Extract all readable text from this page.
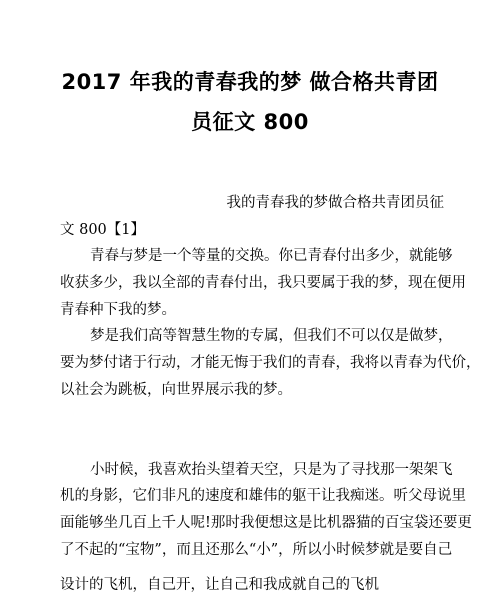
2017 年我的青春我的梦 做合格共青团
员征文 800
我的青春我的梦做合格共青团员征
文 800【1】
青春与梦是一个等量的交换。你已青春付出多少，就能够
收获多少，我以全部的青春付出，我只要属于我的梦，现在便用
青春种下我的梦。
梦是我们高等智慧生物的专属，但我们不可以仅是做梦，
要为梦付诸于行动，才能无悔于我们的青春，我将以青春为代价，
以社会为跳板，向世界展示我的梦。
小时候，我喜欢抬头望着天空，只是为了寻找那一架架飞
机的身影，它们非凡的速度和雄伟的躯干让我痴迷。听父母说里
面能够坐几百上千人呢!那时我便想这是比机器猫的百宝袋还要更
了不起的“宝物”，而且还那么“小”，所以小时候梦就是要自己
设计的飞机，自己开，让自己和我成就自己的飞机
